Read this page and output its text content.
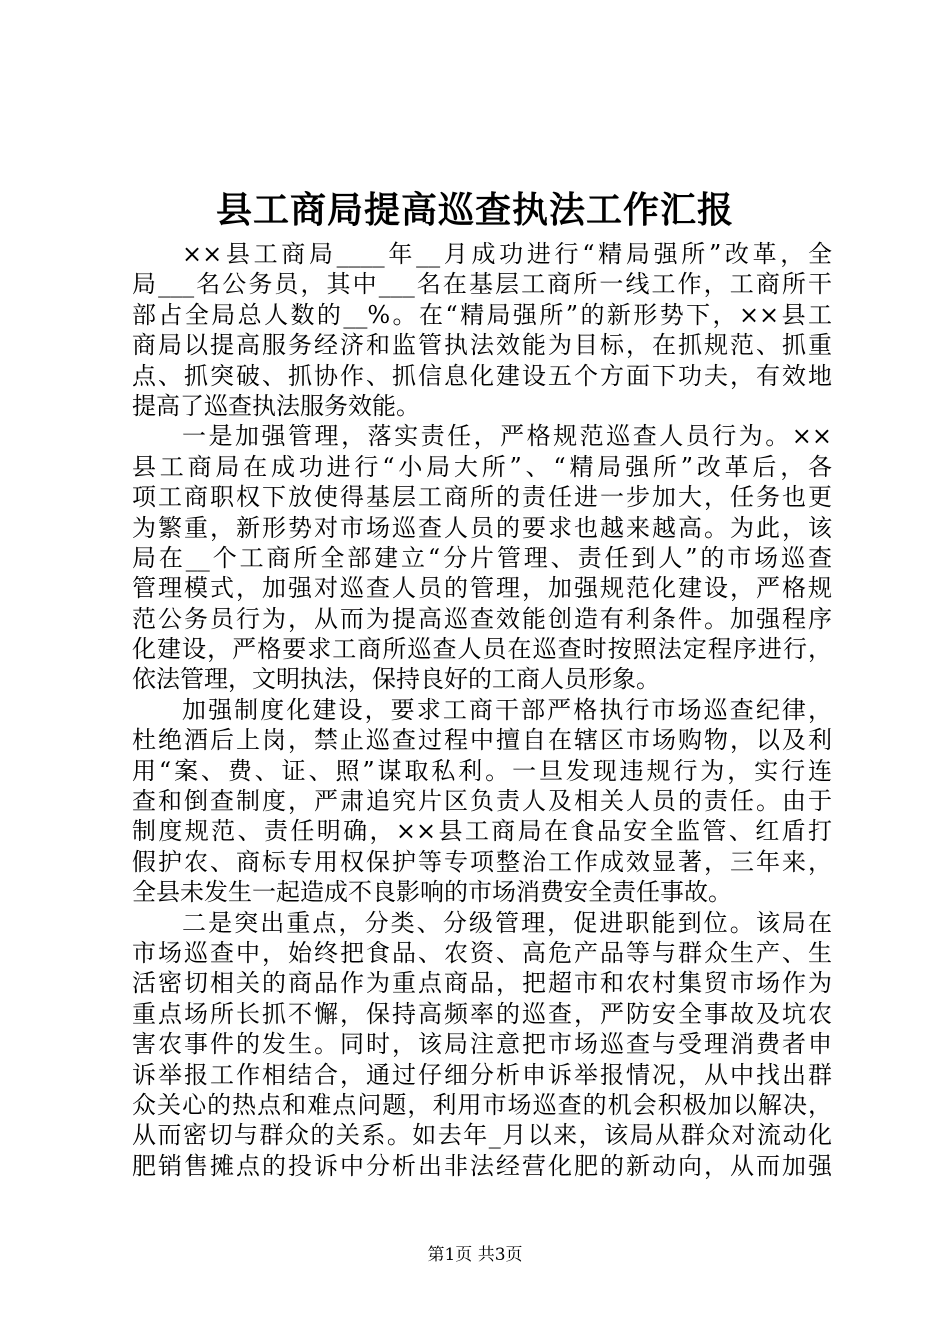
县工商局提高巡查执法工作汇报
××县工商局____年__月成功进行“精局强所”改革，全
局___名公务员，其中___名在基层工商所一线工作，工商所干
部占全局总人数的__%。在“精局强所”的新形势下，××县工
商局以提高服务经济和监管执法效能为目标，在抓规范、抓重
点、抓突破、抓协作、抓信息化建设五个方面下功夫，有效地
提高了巡查执法服务效能。
一是加强管理，落实责任，严格规范巡查人员行为。××
县工商局在成功进行“小局大所”、“精局强所”改革后，各
项工商职权下放使得基层工商所的责任进一步加大，任务也更
为繁重，新形势对市场巡查人员的要求也越来越高。为此，该
局在__个工商所全部建立“分片管理、责任到人”的市场巡查
管理模式，加强对巡查人员的管理，加强规范化建设，严格规
范公务员行为，从而为提高巡查效能创造有利条件。加强程序
化建设，严格要求工商所巡查人员在巡查时按照法定程序进行，
依法管理，文明执法，保持良好的工商人员形象。
加强制度化建设，要求工商干部严格执行市场巡查纪律，
杜绝酒后上岗，禁止巡查过程中擅自在辖区市场购物，以及利
用“案、费、证、照”谋取私利。一旦发现违规行为，实行连
查和倒查制度，严肃追究片区负责人及相关人员的责任。由于
制度规范、责任明确，××县工商局在食品安全监管、红盾打
假护农、商标专用权保护等专项整治工作成效显著，三年来，
全县未发生一起造成不良影响的市场消费安全责任事故。
二是突出重点，分类、分级管理，促进职能到位。该局在
市场巡查中，始终把食品、农资、高危产品等与群众生产、生
活密切相关的商品作为重点商品，把超市和农村集贸市场作为
重点场所长抓不懈，保持高频率的巡查，严防安全事故及坑农
害农事件的发生。同时，该局注意把市场巡查与受理消费者申
诉举报工作相结合，通过仔细分析申诉举报情况，从中找出群
众关心的热点和难点问题，利用市场巡查的机会积极加以解决，
从而密切与群众的关系。如去年_月以来，该局从群众对流动化
肥销售摊点的投诉中分析出非法经营化肥的新动向，从而加强
第1页 共3页
